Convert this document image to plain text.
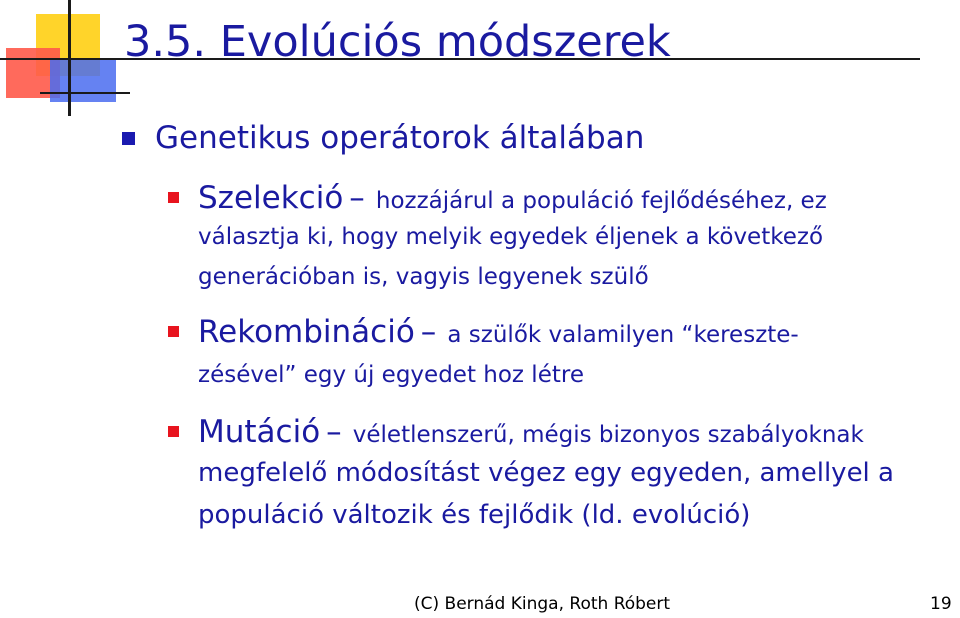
3.5. Evolúciós módszerek
Genetikus operátorok általában
Szelekció – hozzájárul a populáció fejlődéséhez, ez
választja ki, hogy melyik egyedek éljenek a következő
generációban is, vagyis legyenek szülő
Rekombináció – a szülők valamilyen “kereszte-
zésével” egy új egyedet hoz létre
Mutáció – véletlenszerű, mégis bizonyos szabályoknak
megfelelő módosítást végez egy egyeden, amellyel a
populáció változik és fejlődik (ld. evolúció)
(C) Bernád Kinga, Roth Róbert	19
